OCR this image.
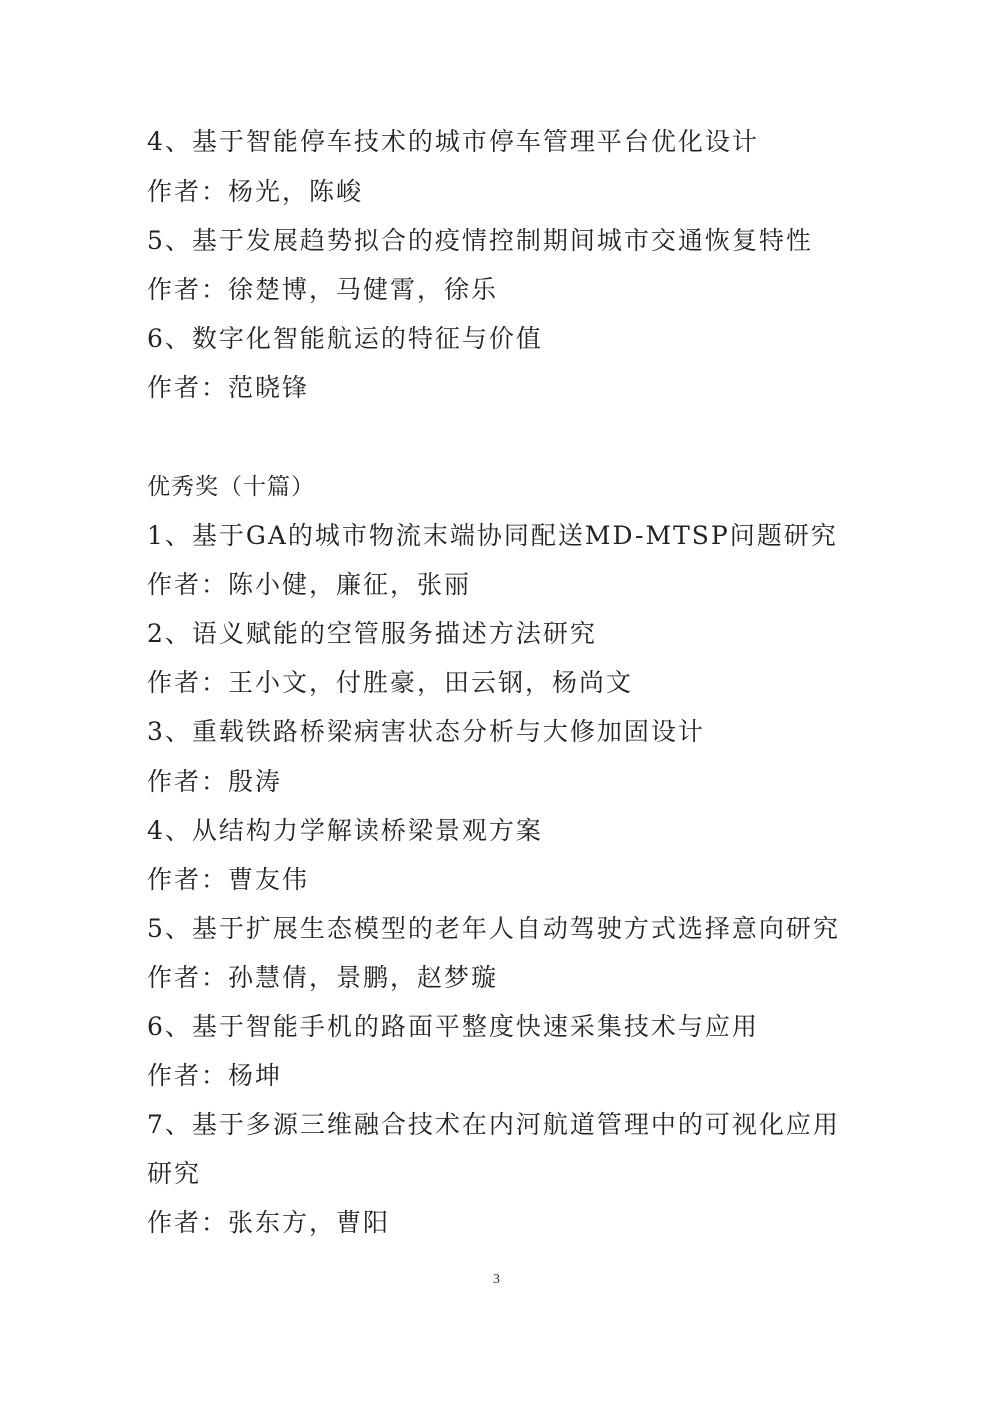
4、基于智能停车技术的城市停车管理平台优化设计
作者：杨光，陈峻
5、基于发展趋势拟合的疫情控制期间城市交通恢复特性
作者：徐楚博，马健霄，徐乐
6、数字化智能航运的特征与价值
作者：范晓锋
优秀奖（十篇）
1、基于GA的城市物流末端协同配送MD-MTSP问题研究
作者：陈小健，廉征，张丽
2、语义赋能的空管服务描述方法研究
作者：王小文，付胜豪，田云钢，杨尚文
3、重载铁路桥梁病害状态分析与大修加固设计
作者：殷涛
4、从结构力学解读桥梁景观方案
作者：曹友伟
5、基于扩展生态模型的老年人自动驾驶方式选择意向研究
作者：孙慧倩，景鹏，赵梦璇
6、基于智能手机的路面平整度快速采集技术与应用
作者：杨坤
7、基于多源三维融合技术在内河航道管理中的可视化应用
研究
作者：张东方，曹阳
3
